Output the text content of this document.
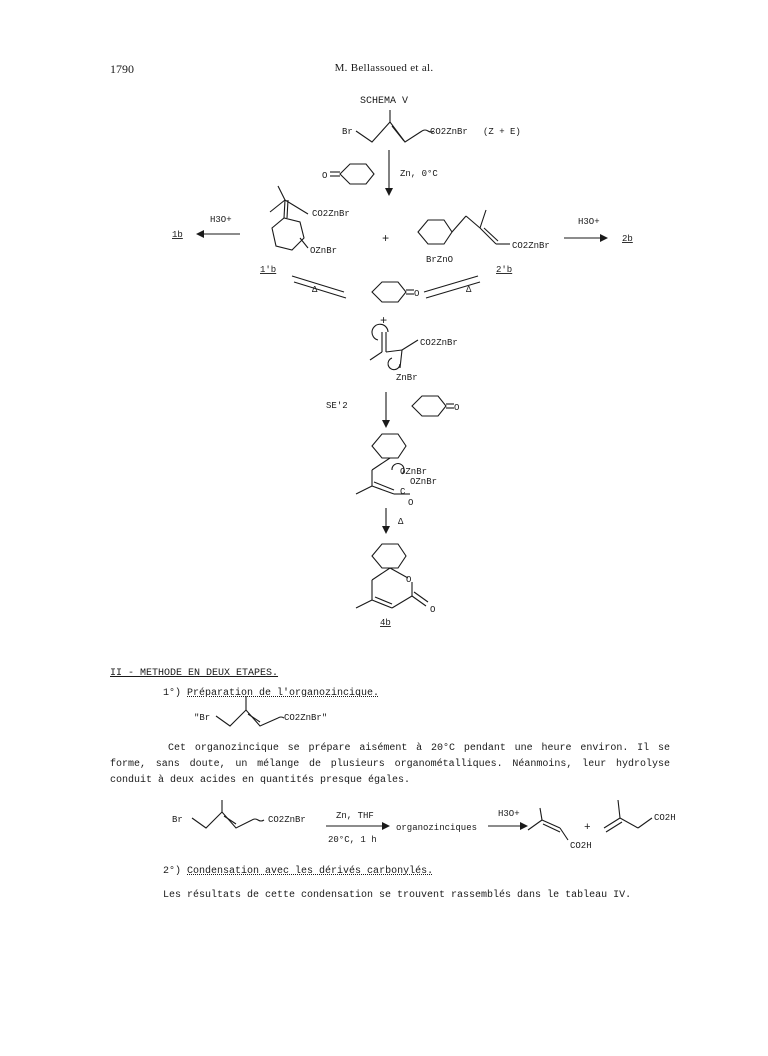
1790	M. Bellassoued et al.
SCHEMA V
Br	CO2ZnBr (Z + E)
O	Zn, 0°C
CO2ZnBr
OZnBr
1'b
H3O+
1b	+	CO2ZnBr
BrZnO
2'b
H3O+
2b
Δ	Δ
O
+
CO2ZnBr
ZnBr
SE'2	O
OZnBr
OZnBr
C
O
Δ
O
O
4b
"Br	CO2ZnBr"
Br	CO2ZnBr	Zn, THF
20°C, 1 h
organozinciques
H3O+
CO2H
+
CO2H
II - METHODE EN DEUX ETAPES.
1°) Préparation de l'organozincique.
Cet organozincique se prépare aisément à 20°C pendant une heure environ. Il se forme, sans doute, un mélange de plusieurs organométalliques. Néanmoins, leur hydrolyse conduit à deux acides en quantités presque égales.
2°) Condensation avec les dérivés carbonylés.
Les résultats de cette condensation se trouvent rassemblés dans le tableau IV.
